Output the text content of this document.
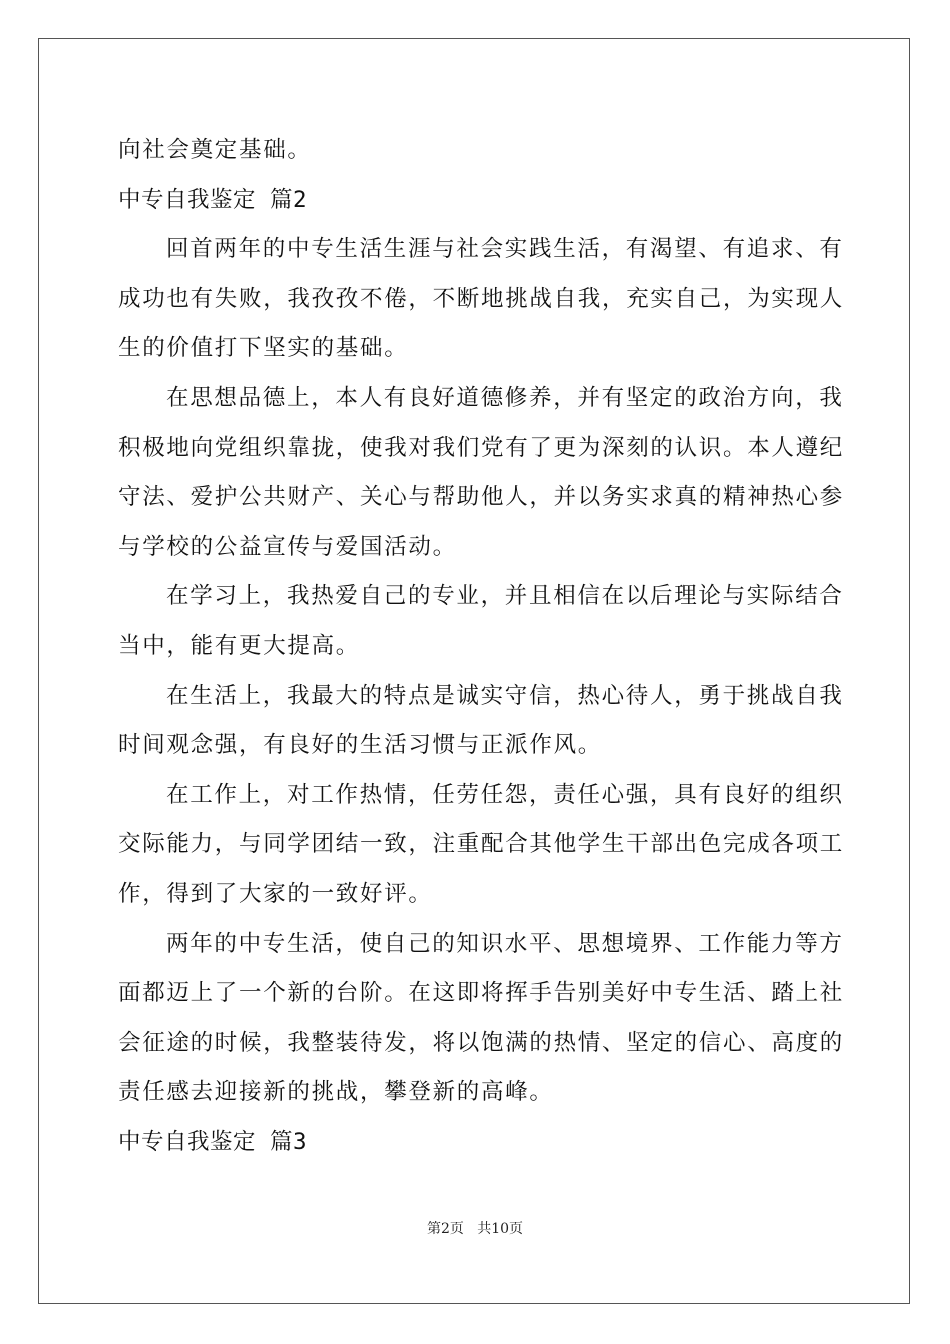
向社会奠定基础。
中专自我鉴定 篇2
回首两年的中专生活生涯与社会实践生活，有渴望、有追求、有
成功也有失败，我孜孜不倦，不断地挑战自我，充实自己，为实现人
生的价值打下坚实的基础。
在思想品德上，本人有良好道德修养，并有坚定的政治方向，我
积极地向党组织靠拢，使我对我们党有了更为深刻的认识。本人遵纪
守法、爱护公共财产、关心与帮助他人，并以务实求真的精神热心参
与学校的公益宣传与爱国活动。
在学习上，我热爱自己的专业，并且相信在以后理论与实际结合
当中，能有更大提高。
在生活上，我最大的特点是诚实守信，热心待人，勇于挑战自我
时间观念强，有良好的生活习惯与正派作风。
在工作上，对工作热情，任劳任怨，责任心强，具有良好的组织
交际能力，与同学团结一致，注重配合其他学生干部出色完成各项工
作，得到了大家的一致好评。
两年的中专生活，使自己的知识水平、思想境界、工作能力等方
面都迈上了一个新的台阶。在这即将挥手告别美好中专生活、踏上社
会征途的时候，我整装待发，将以饱满的热情、坚定的信心、高度的
责任感去迎接新的挑战，攀登新的高峰。
中专自我鉴定 篇3
第2页   共10页
